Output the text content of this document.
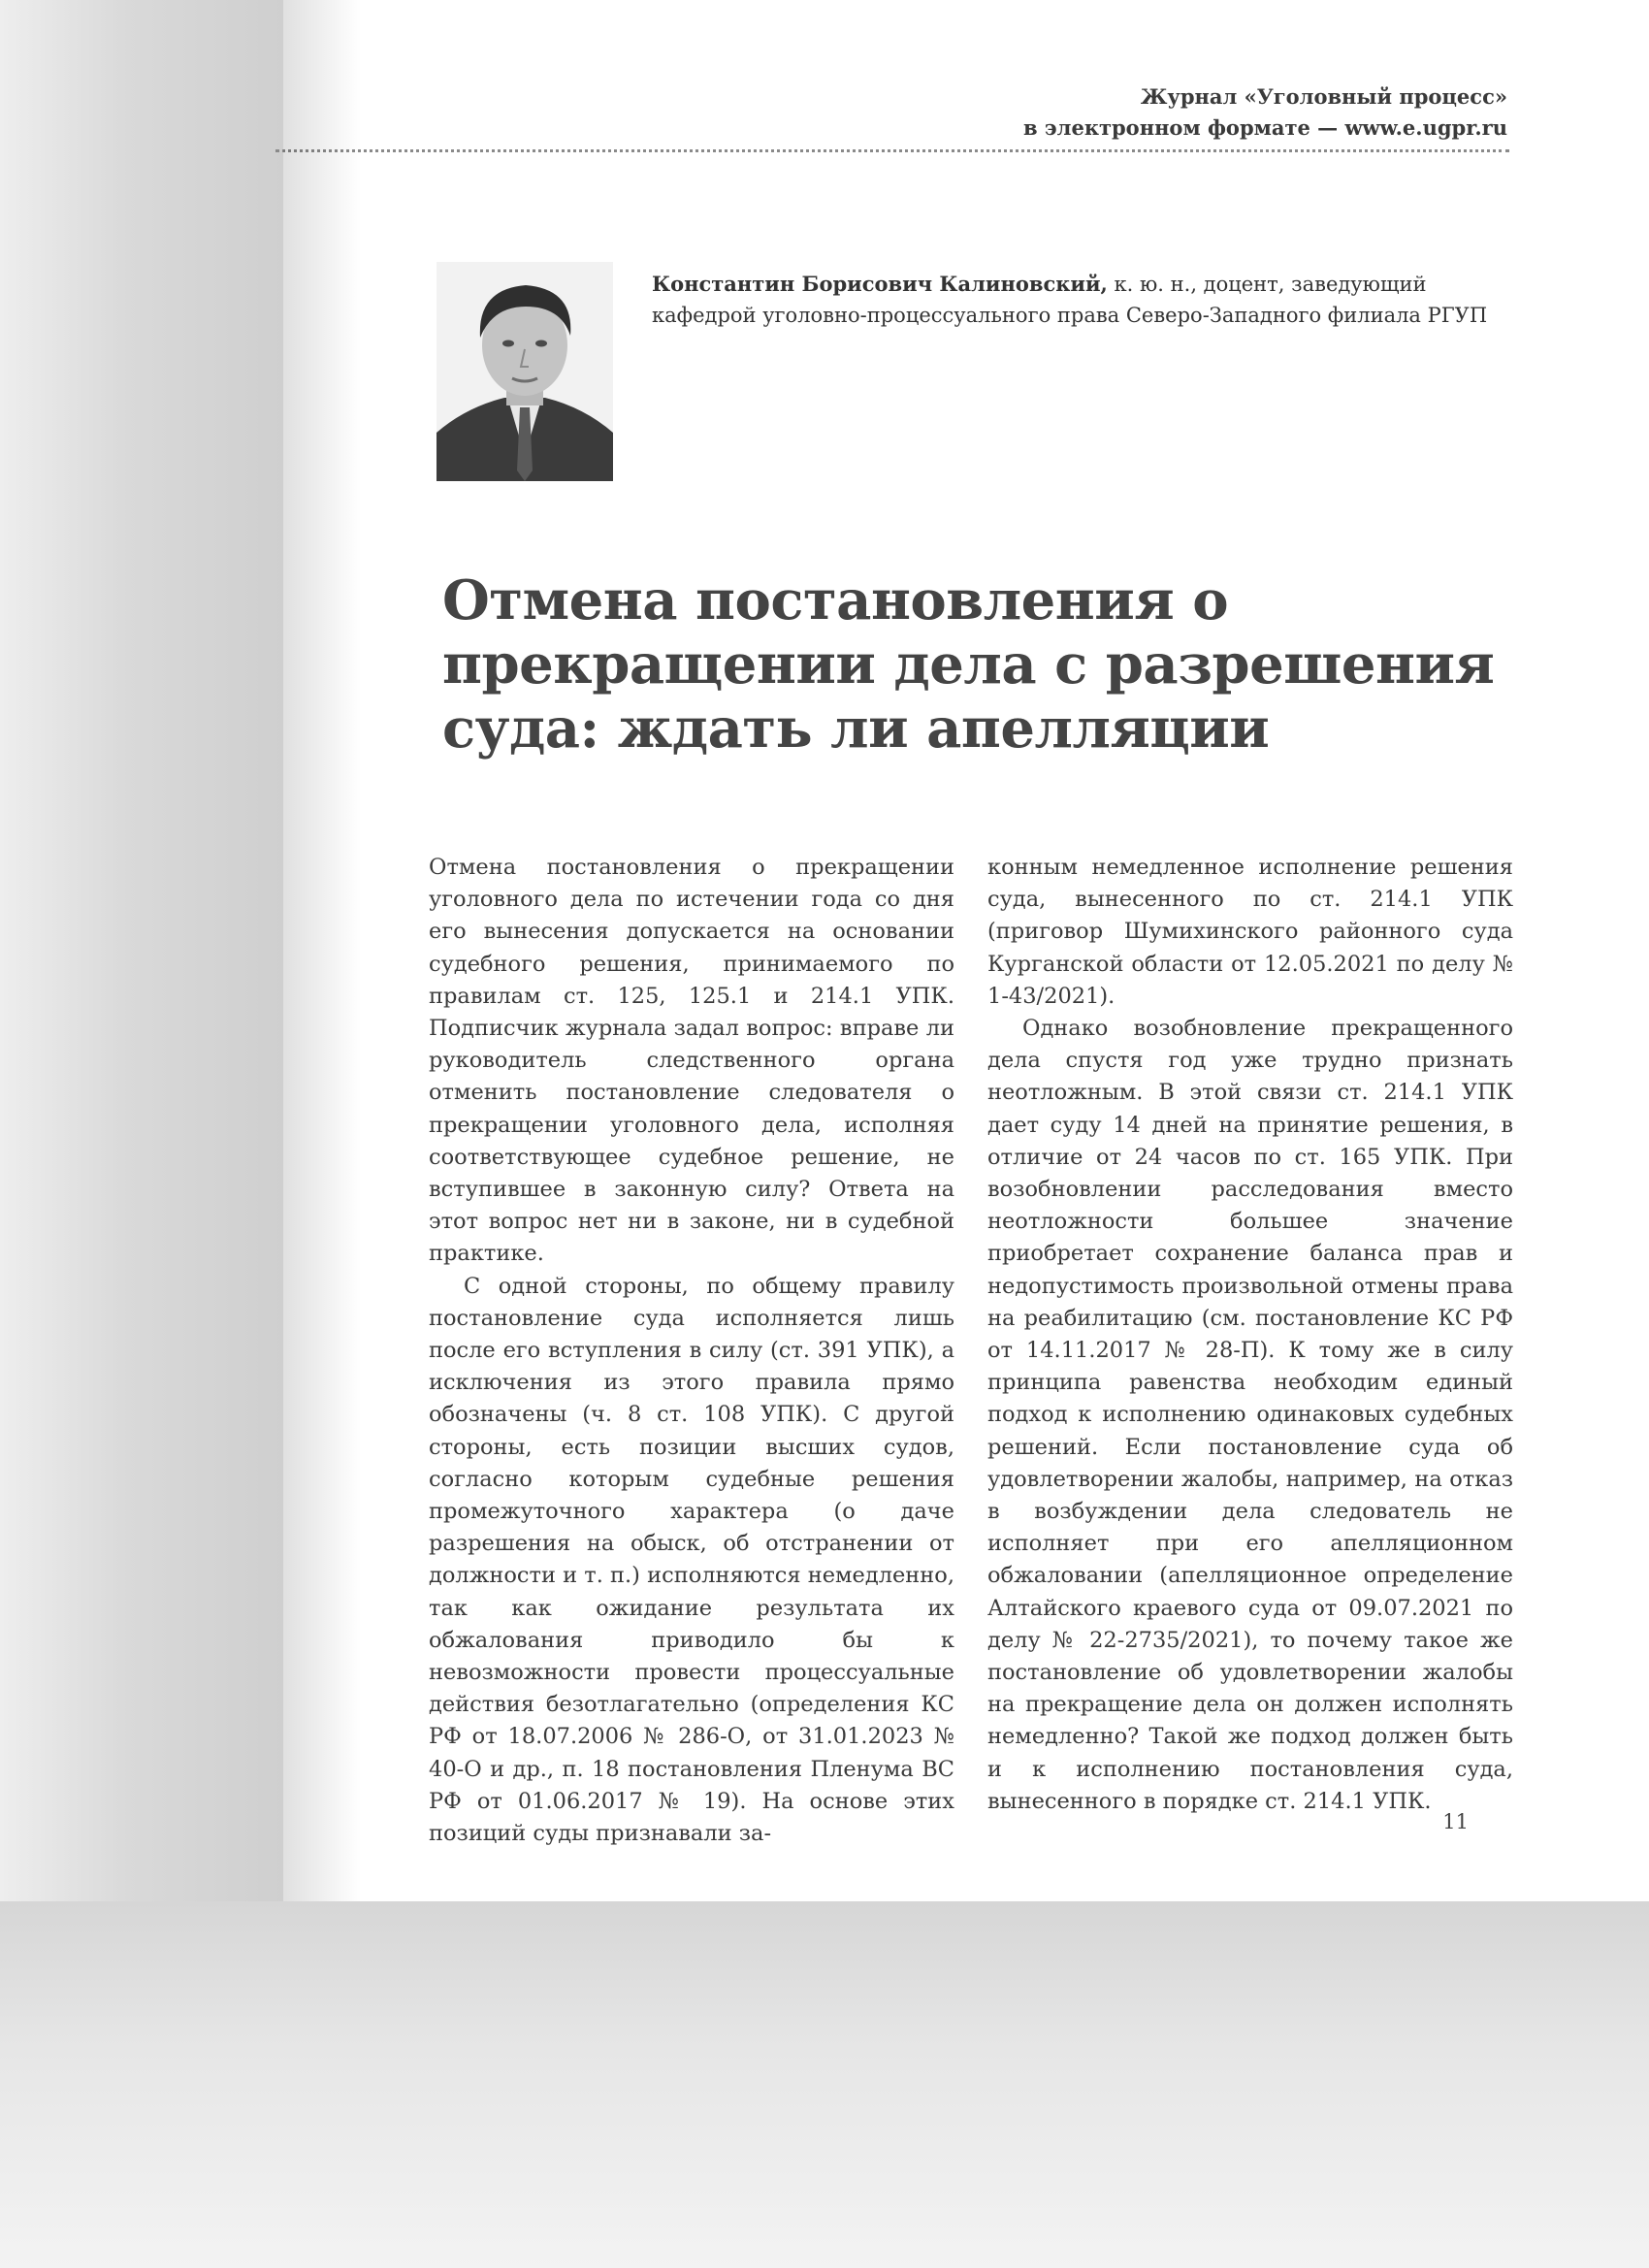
Журнал «Уголовный процесс»
в электронном формате — www.e.ugpr.ru
Константин Борисович Калиновский, к. ю. н., доцент, заведующий кафедрой уголовно-процессуального права Северо-Западного филиала РГУП
Отмена постановления о прекращении дела с разрешения суда: ждать ли апелляции

Отмена постановления о прекращении уголовного дела по истечении года со дня его вынесения допускается на основании судебного решения, принимаемого по правилам ст. 125, 125.1 и 214.1 УПК. Подписчик журнала задал вопрос: вправе ли руководитель следственного органа отменить постановление следователя о прекращении уголовного дела, исполняя соответствующее судебное решение, не вступившее в законную силу? Ответа на этот вопрос нет ни в законе, ни в судебной практике.

С одной стороны, по общему правилу постановление суда исполняется лишь после его вступления в силу (ст. 391 УПК), а исключения из этого правила прямо обозначены (ч. 8 ст. 108 УПК). С другой стороны, есть позиции высших судов, согласно которым судебные решения промежуточного характера (о даче разрешения на обыск, об отстранении от должности и т. п.) исполняются немедленно, так как ожидание результата их обжалования приводило бы к невозможности провести процессуальные действия безотлагательно (определения КС РФ от 18.07.2006 № 286-О, от 31.01.2023 № 40-О и др., п. 18 постановления Пленума ВС РФ от 01.06.2017 № 19). На основе этих позиций суды признавали за-

конным немедленное исполнение решения суда, вынесенного по ст. 214.1 УПК (приговор Шумихинского районного суда Курганской области от 12.05.2021 по делу № 1-43/2021).

Однако возобновление прекращенного дела спустя год уже трудно признать неотложным. В этой связи ст. 214.1 УПК дает суду 14 дней на принятие решения, в отличие от 24 часов по ст. 165 УПК. При возобновлении расследования вместо неотложности большее значение приобретает сохранение баланса прав и недопустимость произвольной отмены права на реабилитацию (см. постановление КС РФ от 14.11.2017 № 28-П). К тому же в силу принципа равенства необходим единый подход к исполнению одинаковых судебных решений. Если постановление суда об удовлетворении жалобы, например, на отказ в возбуждении дела следователь не исполняет при его апелляционном обжаловании (апелляционное определение Алтайского краевого суда от 09.07.2021 по делу № 22-2735/2021), то почему такое же постановление об удовлетворении жалобы на прекращение дела он должен исполнять немедленно? Такой же подход должен быть и к исполнению постановления суда, вынесенного в порядке ст. 214.1 УПК.

11
